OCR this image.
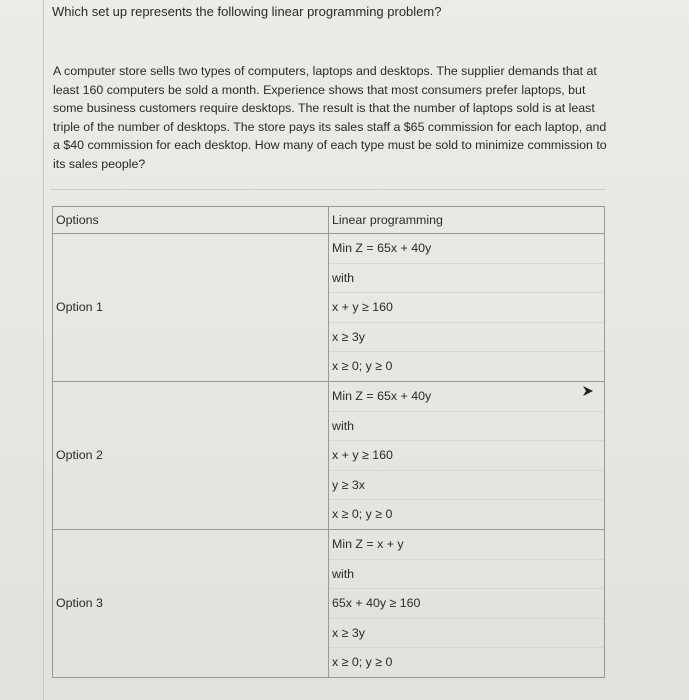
Which set up represents the following linear programming problem?

A computer store sells two types of computers, laptops and desktops. The supplier demands that at least 160 computers be sold a month. Experience shows that most consumers prefer laptops, but some business customers require desktops. The result is that the number of laptops sold is at least triple of the number of desktops. The store pays its sales staff a $65 commission for each laptop, and a $40 commission for each desktop. How many of each type must be sold to minimize commission to its sales people?

Options	Linear programming
Option 1	Min Z = 65x + 40y
with
x + y ≥ 160
x ≥ 3y
x ≥ 0; y ≥ 0

Option 2	Min Z = 65x + 40y
with
x + y ≥ 160
y ≥ 3x
x ≥ 0; y ≥ 0

Option 3	Min Z = x + y
with
65x + 40y ≥ 160
x ≥ 3y
x ≥ 0; y ≥ 0
